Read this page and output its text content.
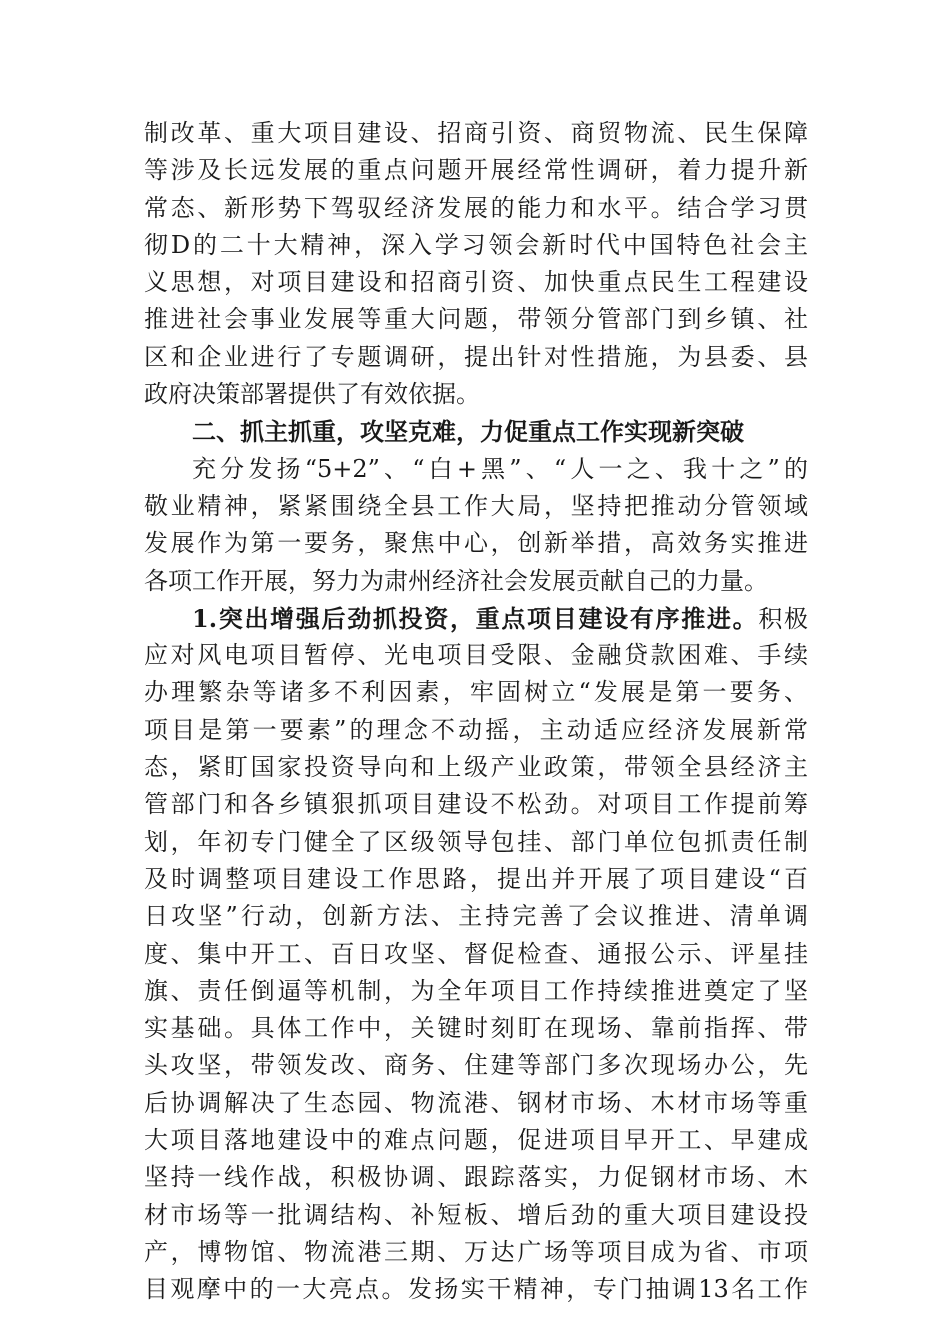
制改革、重大项目建设、招商引资、商贸物流、民生保障
等涉及长远发展的重点问题开展经常性调研，着力提升新
常态、新形势下驾驭经济发展的能力和水平。结合学习贯
彻D的二十大精神，深入学习领会新时代中国特色社会主
义思想，对项目建设和招商引资、加快重点民生工程建设
推进社会事业发展等重大问题，带领分管部门到乡镇、社
区和企业进行了专题调研，提出针对性措施，为县委、县
政府决策部署提供了有效依据。
二、抓主抓重，攻坚克难，力促重点工作实现新突破
充分发扬“5+2”、“白+黑”、“人一之、我十之”的
敬业精神，紧紧围绕全县工作大局，坚持把推动分管领域
发展作为第一要务，聚焦中心，创新举措，高效务实推进
各项工作开展，努力为肃州经济社会发展贡献自己的力量。
1.突出增强后劲抓投资，重点项目建设有序推进。积极
应对风电项目暂停、光电项目受限、金融贷款困难、手续
办理繁杂等诸多不利因素，牢固树立“发展是第一要务、
项目是第一要素”的理念不动摇，主动适应经济发展新常
态，紧盯国家投资导向和上级产业政策，带领全县经济主
管部门和各乡镇狠抓项目建设不松劲。对项目工作提前筹
划，年初专门健全了区级领导包挂、部门单位包抓责任制
及时调整项目建设工作思路，提出并开展了项目建设“百
日攻坚”行动，创新方法、主持完善了会议推进、清单调
度、集中开工、百日攻坚、督促检查、通报公示、评星挂
旗、责任倒逼等机制，为全年项目工作持续推进奠定了坚
实基础。具体工作中，关键时刻盯在现场、靠前指挥、带
头攻坚，带领发改、商务、住建等部门多次现场办公，先
后协调解决了生态园、物流港、钢材市场、木材市场等重
大项目落地建设中的难点问题，促进项目早开工、早建成
坚持一线作战，积极协调、跟踪落实，力促钢材市场、木
材市场等一批调结构、补短板、增后劲的重大项目建设投
产，博物馆、物流港三期、万达广场等项目成为省、市项
目观摩中的一大亮点。发扬实干精神，专门抽调13名工作
